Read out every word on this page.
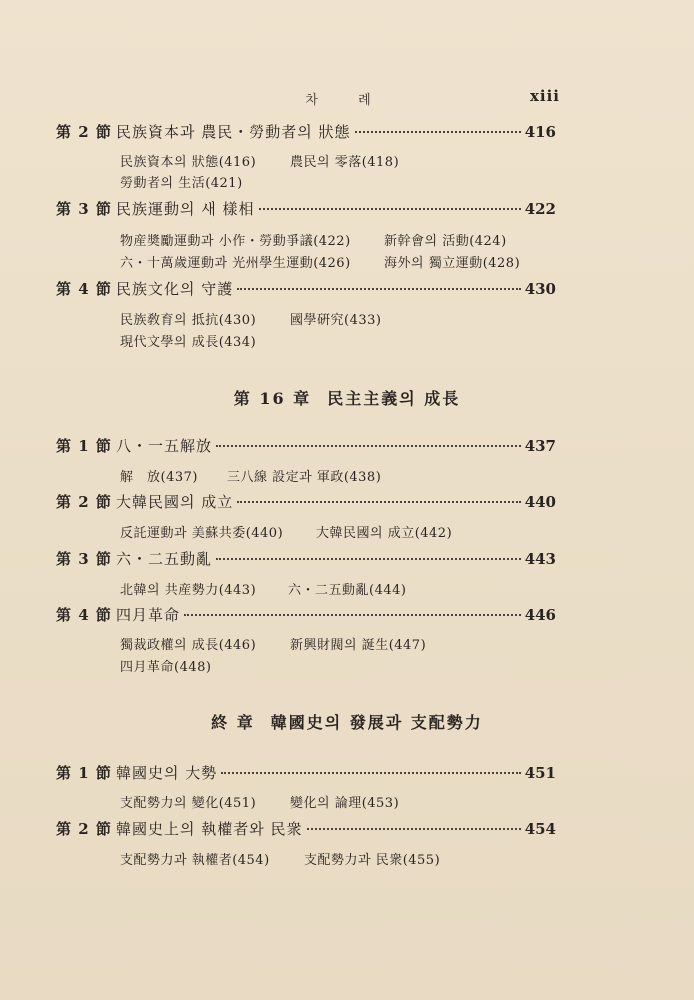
차 례	xiii
第 2 節 民族資本과 農民・勞動者의 狀態	416
民族資本의 狀態(416)	農民의 零落(418)
勞動者의 生活(421)
第 3 節 民族運動의 새 樣相	422
物産奬勵運動과 小作・勞動爭議(422)	新幹會의 活動(424)
六・十萬歲運動과 光州學生運動(426)	海外의 獨立運動(428)
第 4 節 民族文化의 守護	430
民族敎育의 抵抗(430)	國學硏究(433)
現代文學의 成長(434)
第 16 章 民主主義의 成長
第 1 節 八・一五解放	437
解　放(437) 三八線 設定과 軍政(438)
第 2 節 大韓民國의 成立	440
反託運動과 美蘇共委(440)	大韓民國의 成立(442)
第 3 節 六・二五動亂	443
北韓의 共産勢力(443) 六・二五動亂(444)
第 4 節 四月革命	446
獨裁政權의 成長(446)	新興財閥의 誕生(447)
四月革命(448)
終 章 韓國史의 發展과 支配勢力
第 1 節 韓國史의 大勢	451
支配勢力의 變化(451)	變化의 論理(453)
第 2 節 韓國史上의 執權者와 民衆	454
支配勢力과 執權者(454)	支配勢力과 民衆(455)
